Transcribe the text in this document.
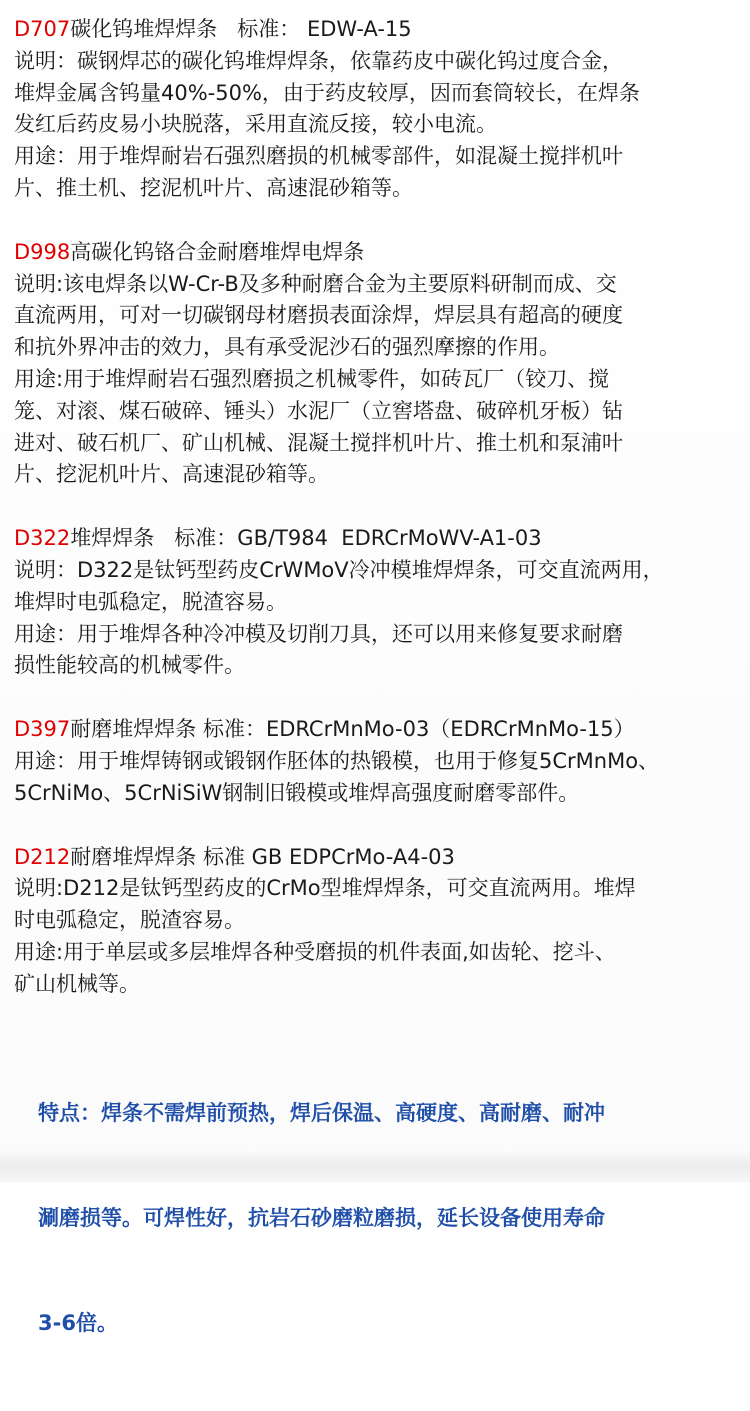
D707碳化钨堆焊焊条   标准： EDW-A-15
说明：碳钢焊芯的碳化钨堆焊焊条，依靠药皮中碳化钨过度合金，
堆焊金属含钨量40%-50%，由于药皮较厚，因而套筒较长，在焊条
发红后药皮易小块脱落，采用直流反接，较小电流。
用途：用于堆焊耐岩石强烈磨损的机械零部件，如混凝土搅拌机叶
片、推土机、挖泥机叶片、高速混砂箱等。
D998高碳化钨铬合金耐磨堆焊电焊条
说明:该电焊条以W-Cr-B及多种耐磨合金为主要原料研制而成、交
直流两用，可对一切碳钢母材磨损表面涂焊，焊层具有超高的硬度
和抗外界冲击的效力，具有承受泥沙石的强烈摩擦的作用。
用途:用于堆焊耐岩石强烈磨损之机械零件，如砖瓦厂（铰刀、搅
笼、对滚、煤石破碎、锤头）水泥厂（立窖塔盘、破碎机牙板）钻
进对、破石机厂、矿山机械、混凝土搅拌机叶片、推土机和泵浦叶
片、挖泥机叶片、高速混砂箱等。
D322堆焊焊条   标准：GB/T984  EDRCrMoWV-A1-03
说明：D322是钛钙型药皮CrWMoV冷冲模堆焊焊条，可交直流两用，
堆焊时电弧稳定，脱渣容易。
用途：用于堆焊各种冷冲模及切削刀具，还可以用来修复要求耐磨
损性能较高的机械零件。
D397耐磨堆焊焊条 标准：EDRCrMnMo-03（EDRCrMnMo-15）
用途：用于堆焊铸钢或锻钢作胚体的热锻模，也用于修复5CrMnMo、
5CrNiMo、5CrNiSiW钢制旧锻模或堆焊高强度耐磨零部件。
D212耐磨堆焊焊条 标准 GB EDPCrMo-A4-03
说明:D212是钛钙型药皮的CrMo型堆焊焊条，可交直流两用。堆焊
时电弧稳定，脱渣容易。
用途:用于单层或多层堆焊各种受磨损的机件表面,如齿轮、挖斗、
矿山机械等。

特点：焊条不需焊前预热，焊后保温、高硬度、高耐磨、耐冲

涮磨损等。可焊性好，抗岩石砂磨粒磨损，延长设备使用寿命

3-6倍。
